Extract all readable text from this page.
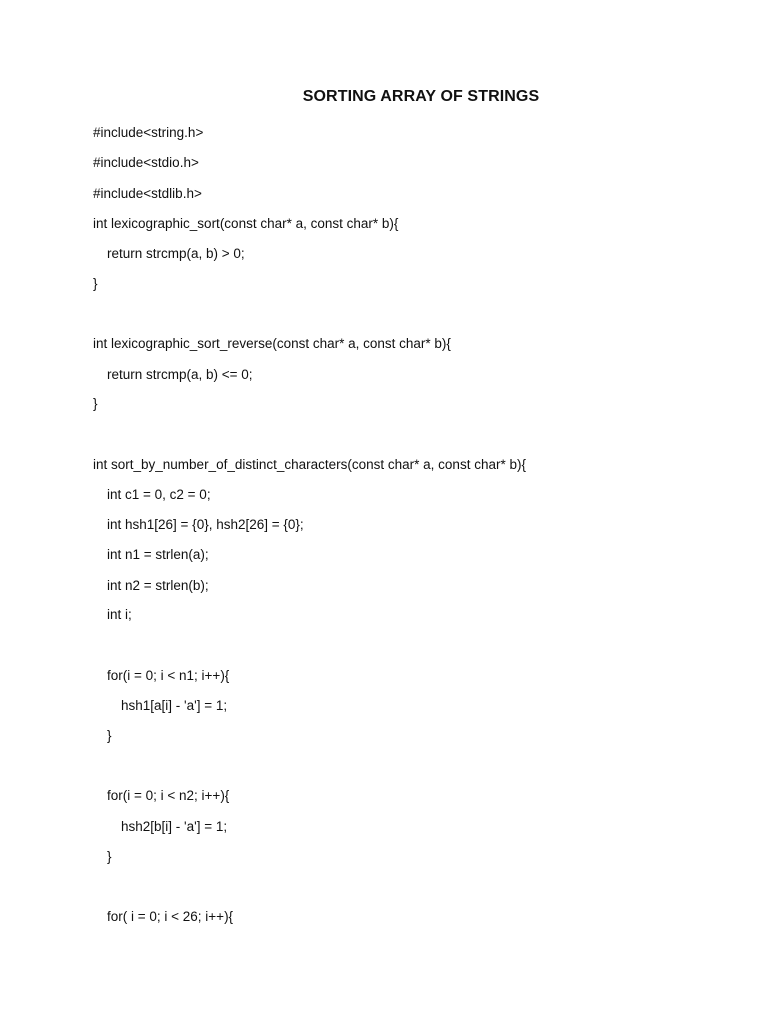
SORTING ARRAY OF STRINGS
#include<string.h>
#include<stdio.h>
#include<stdlib.h>
int lexicographic_sort(const char* a, const char* b){
return strcmp(a, b) > 0;
}
int lexicographic_sort_reverse(const char* a, const char* b){
return strcmp(a, b) <= 0;
}
int sort_by_number_of_distinct_characters(const char* a, const char* b){
int c1 = 0, c2 = 0;
int hsh1[26] = {0}, hsh2[26] = {0};
int n1 = strlen(a);
int n2 = strlen(b);
int i;
for(i = 0; i < n1; i++){
hsh1[a[i] - 'a'] = 1;
}
for(i = 0; i < n2; i++){
hsh2[b[i] - 'a'] = 1;
}
for( i = 0; i < 26; i++){
